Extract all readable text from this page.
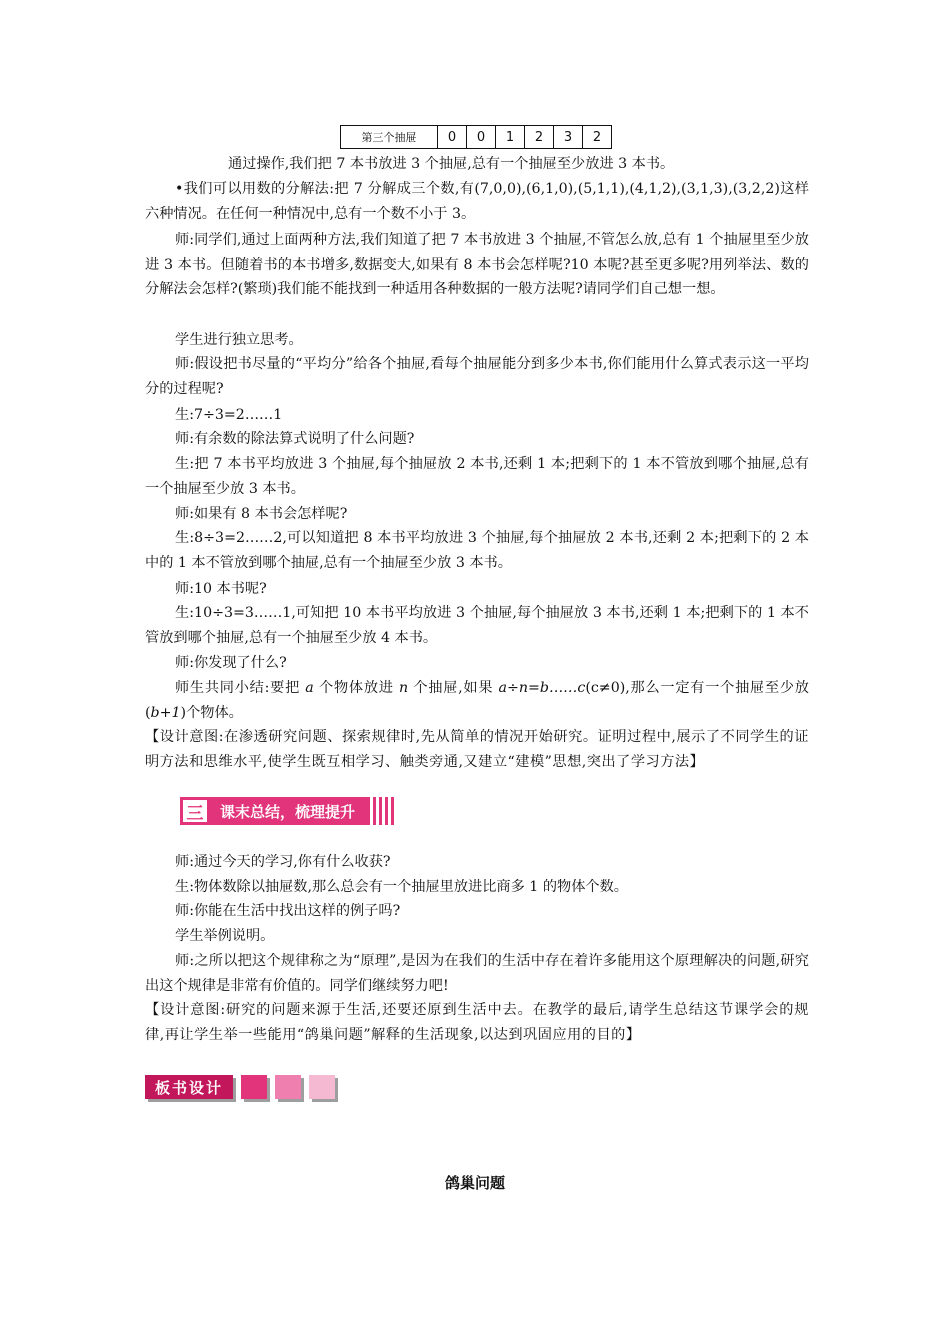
第三个抽屉	0	0	1	2	3	2
通过操作,我们把 7 本书放进 3 个抽屉,总有一个抽屉至少放进 3 本书。
•我们可以用数的分解法:把 7 分解成三个数,有(7,0,0),(6,1,0),(5,1,1),(4,1,2),(3,1,3),(3,2,2)这样六种情况。在任何一种情况中,总有一个数不小于 3。
师:同学们,通过上面两种方法,我们知道了把 7 本书放进 3 个抽屉,不管怎么放,总有 1 个抽屉里至少放进 3 本书。但随着书的本书增多,数据变大,如果有 8 本书会怎样呢?10 本呢?甚至更多呢?用列举法、数的分解法会怎样?(繁琐)我们能不能找到一种适用各种数据的一般方法呢?请同学们自己想一想。
学生进行独立思考。
师:假设把书尽量的“平均分”给各个抽屉,看每个抽屉能分到多少本书,你们能用什么算式表示这一平均分的过程呢?
生:7÷3=2……1
师:有余数的除法算式说明了什么问题?
生:把 7 本书平均放进 3 个抽屉,每个抽屉放 2 本书,还剩 1 本;把剩下的 1 本不管放到哪个抽屉,总有一个抽屉至少放 3 本书。
师:如果有 8 本书会怎样呢?
生:8÷3=2……2,可以知道把 8 本书平均放进 3 个抽屉,每个抽屉放 2 本书,还剩 2 本;把剩下的 2 本中的 1 本不管放到哪个抽屉,总有一个抽屉至少放 3 本书。
师:10 本书呢?
生:10÷3=3……1,可知把 10 本书平均放进 3 个抽屉,每个抽屉放 3 本书,还剩 1 本;把剩下的 1 本不管放到哪个抽屉,总有一个抽屉至少放 4 本书。
师:你发现了什么?
师生共同小结:要把 a 个物体放进 n 个抽屉,如果 a÷n=b……c(c≠0),那么一定有一个抽屉至少放(b+1)个物体。
【设计意图:在渗透研究问题、探索规律时,先从简单的情况开始研究。证明过程中,展示了不同学生的证明方法和思维水平,使学生既互相学习、触类旁通,又建立“建模”思想,突出了学习方法】
三	课末总结，梳理提升
师:通过今天的学习,你有什么收获?
生:物体数除以抽屉数,那么总会有一个抽屉里放进比商多 1 的物体个数。
师:你能在生活中找出这样的例子吗?
学生举例说明。
师:之所以把这个规律称之为“原理”,是因为在我们的生活中存在着许多能用这个原理解决的问题,研究出这个规律是非常有价值的。同学们继续努力吧!
【设计意图:研究的问题来源于生活,还要还原到生活中去。在教学的最后,请学生总结这节课学会的规律,再让学生举一些能用“鸽巢问题”解释的生活现象,以达到巩固应用的目的】
板书设计
鸽巢问题
